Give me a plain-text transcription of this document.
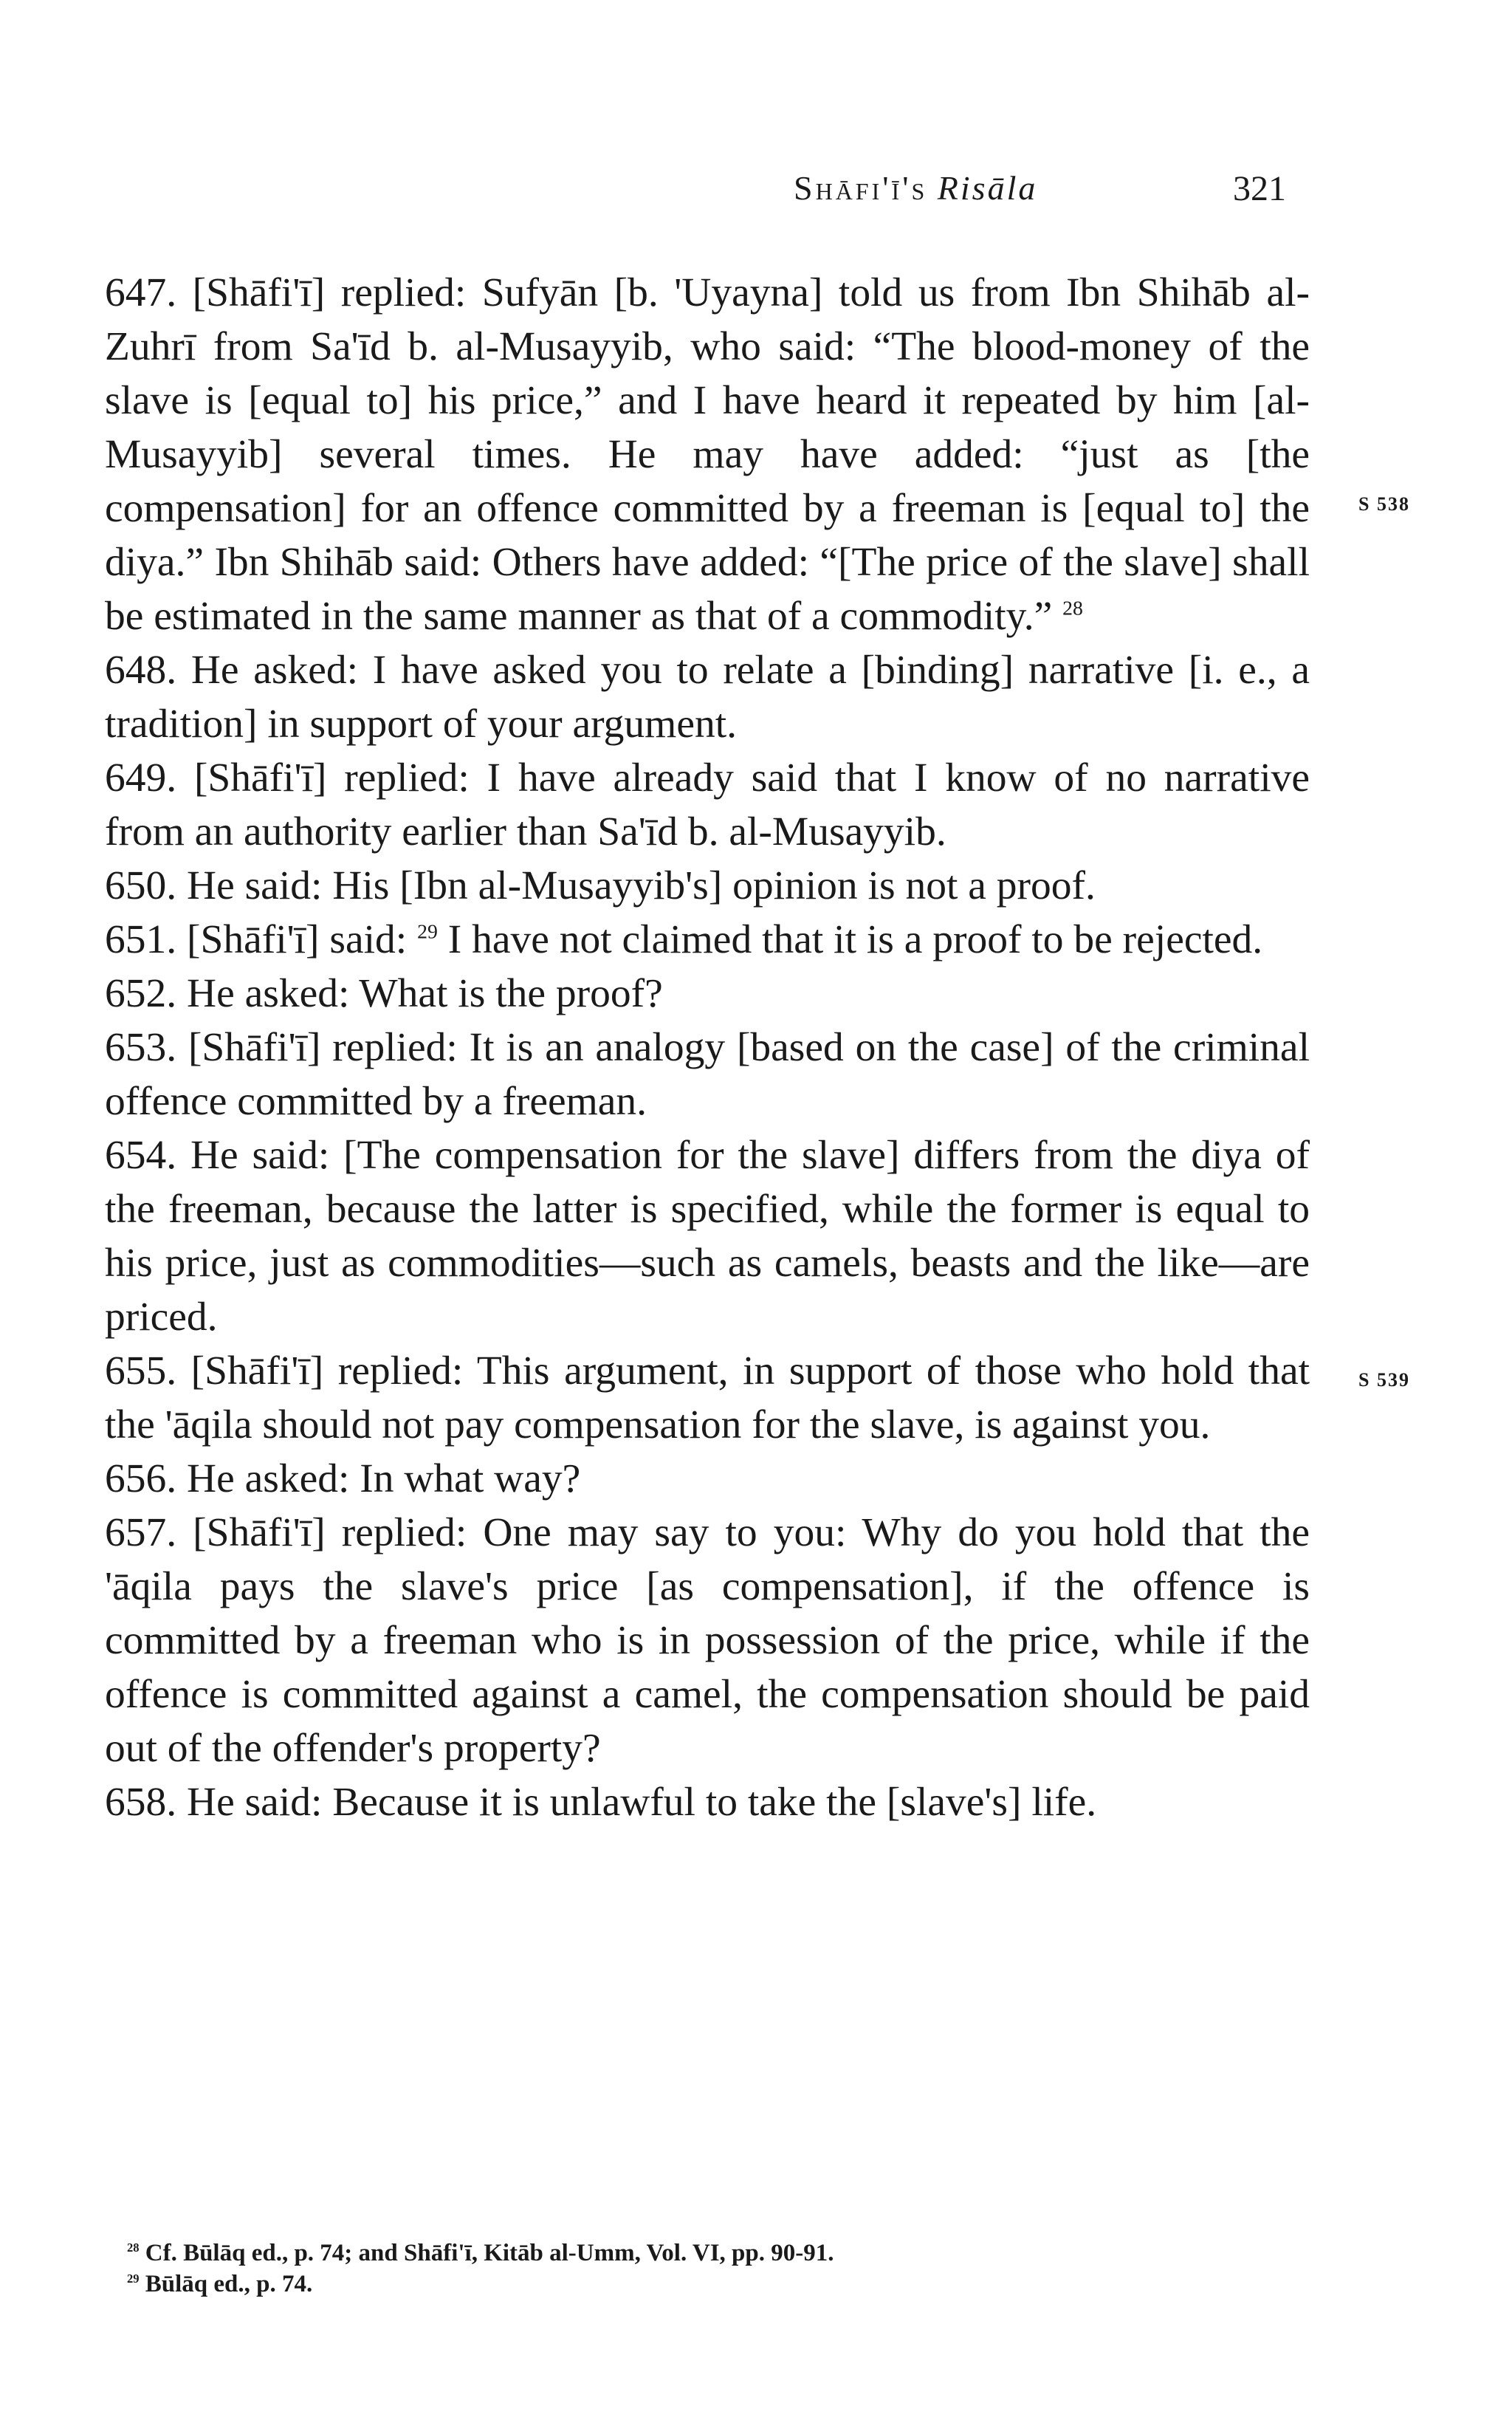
Shāfi'ī's Risāla	321
S 538
S 539

647. [Shāfi'ī] replied: Sufyān [b. 'Uyayna] told us from Ibn Shihāb al-Zuhrī from Sa'īd b. al-Musayyib, who said: “The blood-money of the slave is [equal to] his price,” and I have heard it repeated by him [al-Musayyib] several times. He may have added: “just as [the compensation] for an offence committed by a freeman is [equal to] the diya.” Ibn Shihāb said: Others have added: “[The price of the slave] shall be estimated in the same manner as that of a commodity.” $^{28}$

648. He asked: I have asked you to relate a [binding] narrative [i. e., a tradition] in support of your argument.

649. [Shāfi'ī] replied: I have already said that I know of no narrative from an authority earlier than Sa'īd b. al-Musayyib.

650. He said: His [Ibn al-Musayyib's] opinion is not a proof.

651. [Shāfi'ī] said: $^{29}$ I have not claimed that it is a proof to be rejected.

652. He asked: What is the proof?

653. [Shāfi'ī] replied: It is an analogy [based on the case] of the criminal offence committed by a freeman.

654. He said: [The compensation for the slave] differs from the diya of the freeman, because the latter is specified, while the former is equal to his price, just as commodities—such as camels, beasts and the like—are priced.

655. [Shāfi'ī] replied: This argument, in support of those who hold that the 'āqila should not pay compensation for the slave, is against you.

656. He asked: In what way?

657. [Shāfi'ī] replied: One may say to you: Why do you hold that the 'āqila pays the slave's price [as compensation], if the offence is committed by a freeman who is in possession of the price, while if the offence is committed against a camel, the compensation should be paid out of the offender's property?

658. He said: Because it is unlawful to take the [slave's] life.

$^{28}$ Cf. Būlāq ed., p. 74; and Shāfi'ī, Kitāb al-Umm, Vol. VI, pp. 90-91.

$^{29}$ Būlāq ed., p. 74.
